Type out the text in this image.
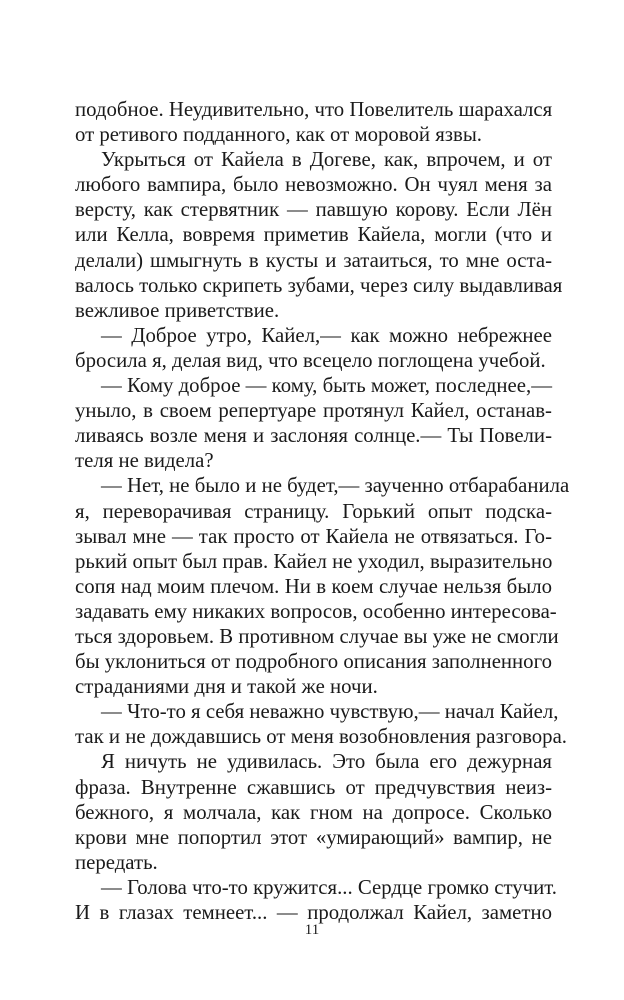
подобное. Неудивительно, что Повелитель шарахался
от ретивого подданного, как от моровой язвы.
Укрыться от Кайела в Догеве, как, впрочем, и от
любого вампира, было невозможно. Он чуял меня за
версту, как стервятник — павшую корову. Если Лён
или Келла, вовремя приметив Кайела, могли (что и
делали) шмыгнуть в кусты и затаиться, то мне оста-
валось только скрипеть зубами, через силу выдавливая
вежливое приветствие.
— Доброе утро, Кайел,— как можно небрежнее
бросила я, делая вид, что всецело поглощена учебой.
— Кому доброе — кому, быть может, последнее,—
уныло, в своем репертуаре протянул Кайел, останав-
ливаясь возле меня и заслоняя солнце.— Ты Повели-
теля не видела?
— Нет, не было и не будет,— заученно отбарабанила
я, переворачивая страницу. Горький опыт подска-
зывал мне — так просто от Кайела не отвязаться. Го-
рький опыт был прав. Кайел не уходил, выразительно
сопя над моим плечом. Ни в коем случае нельзя было
задавать ему никаких вопросов, особенно интересова-
ться здоровьем. В противном случае вы уже не смогли
бы уклониться от подробного описания заполненного
страданиями дня и такой же ночи.
— Что-то я себя неважно чувствую,— начал Кайел,
так и не дождавшись от меня возобновления разговора.
Я ничуть не удивилась. Это была его дежурная
фраза. Внутренне сжавшись от предчувствия неиз-
бежного, я молчала, как гном на допросе. Сколько
крови мне попортил этот «умирающий» вампир, не
передать.
— Голова что-то кружится... Сердце громко стучит.
И в глазах темнеет... — продолжал Кайел, заметно
11
